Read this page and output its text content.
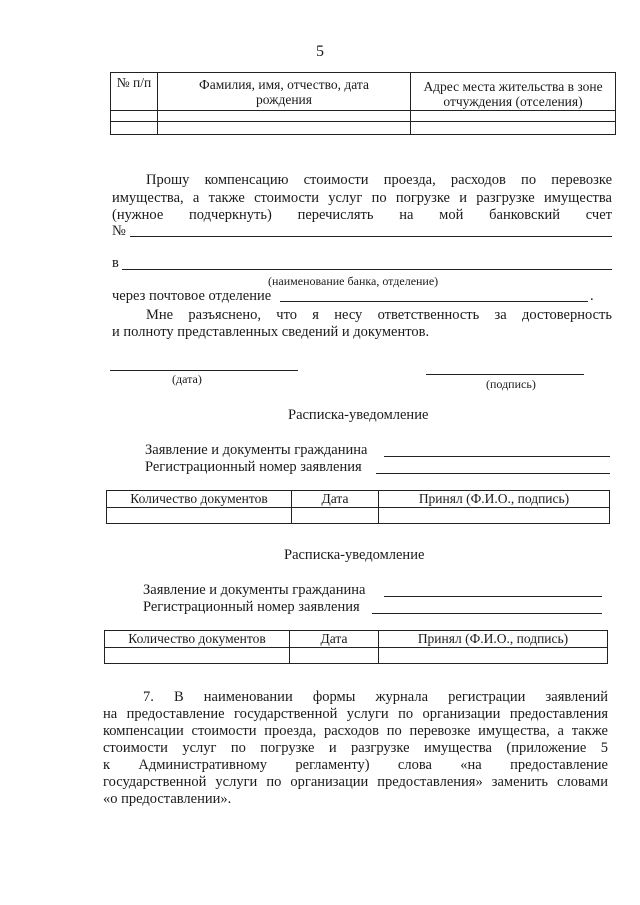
5
№ п/п	Фамилия, имя, отчество, дата рождения	Адрес места жительства в зоне отчуждения (отселения)

Прошу компенсацию стоимости проезда, расходов по перевозке
имущества, а также стоимости услуг по погрузке и разгрузке имущества
(нужное подчеркнуть) перечислять на мой банковский счет
№
в
(наименование банка, отделение)
через почтовое отделение	.
Мне разъяснено, что я несу ответственность за достоверность
и полноту представленных сведений и документов.
(дата)	(подпись)
Расписка-уведомление
Заявление и документы гражданина
Регистрационный номер заявления
Количество документов	Дата	Принял (Ф.И.О., подпись)

Расписка-уведомление
Заявление и документы гражданина
Регистрационный номер заявления
Количество документов	Дата	Принял (Ф.И.О., подпись)

7. В наименовании формы журнала регистрации заявлений
на предоставление государственной услуги по организации предоставления
компенсации стоимости проезда, расходов по перевозке имущества, а также
стоимости услуг по погрузке и разгрузке имущества (приложение 5
к Административному регламенту) слова «на предоставление
государственной услуги по организации предоставления» заменить словами
«о предоставлении».
